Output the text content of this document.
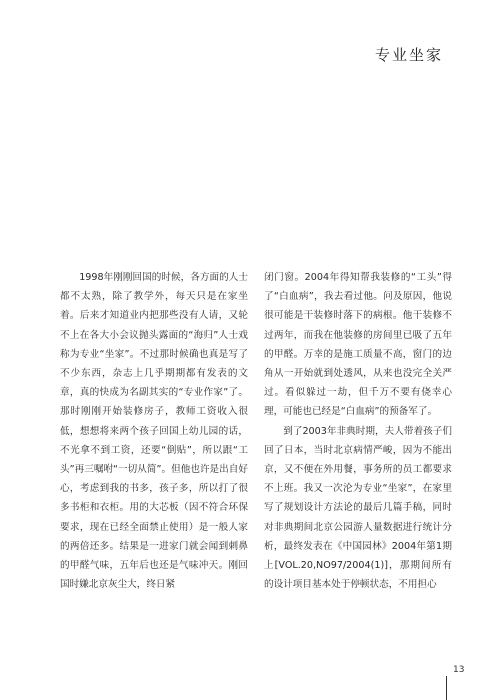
专业坐家

1998年刚刚回国的时候，各方面的人士都不太熟，除了教学外，每天只是在家坐着。后来才知道业内把那些没有人请，又轮不上在各大小会议抛头露面的“海归”人士戏称为专业“坐家”。不过那时候确也真是写了不少东西，杂志上几乎期期都有发表的文章，真的快成为名副其实的“专业作家”了。那时刚刚开始装修房子，教师工资收入很低，想想将来两个孩子回国上幼儿园的话，不光拿不到工资，还要“倒贴”，所以跟“工头”再三嘱咐“一切从简”。但他也许是出自好心，考虑到我的书多，孩子多，所以打了很多书柜和衣柜。用的大芯板（因不符合环保要求，现在已经全面禁止使用）是一般人家的两倍还多。结果是一进家门就会闻到刺鼻的甲醛气味，五年后也还是气味冲天。刚回国时嫌北京灰尘大，终日紧

闭门窗。2004年得知帮我装修的“工头”得了“白血病”，我去看过他。问及原因，他说很可能是干装修时落下的病根。他干装修不过两年，而我在他装修的房间里已吸了五年的甲醛。万幸的是施工质量不高，窗门的边角从一开始就到处透风，从来也没完全关严过。看似躲过一劫，但千万不要有侥幸心理，可能也已经是“白血病”的预备军了。

到了2003年非典时期，夫人带着孩子们回了日本，当时北京病情严峻，因为不能出京，又不便在外用餐，事务所的员工都要求不上班。我又一次沦为专业“坐家”，在家里写了规划设计方法论的最后几篇手稿，同时对非典期间北京公园游人量数据进行统计分析，最终发表在《中国园林》2004年第1期上[VOL.20,NO97/2004(1)]，那期间所有的设计项目基本处于停顿状态，不用担心

13
